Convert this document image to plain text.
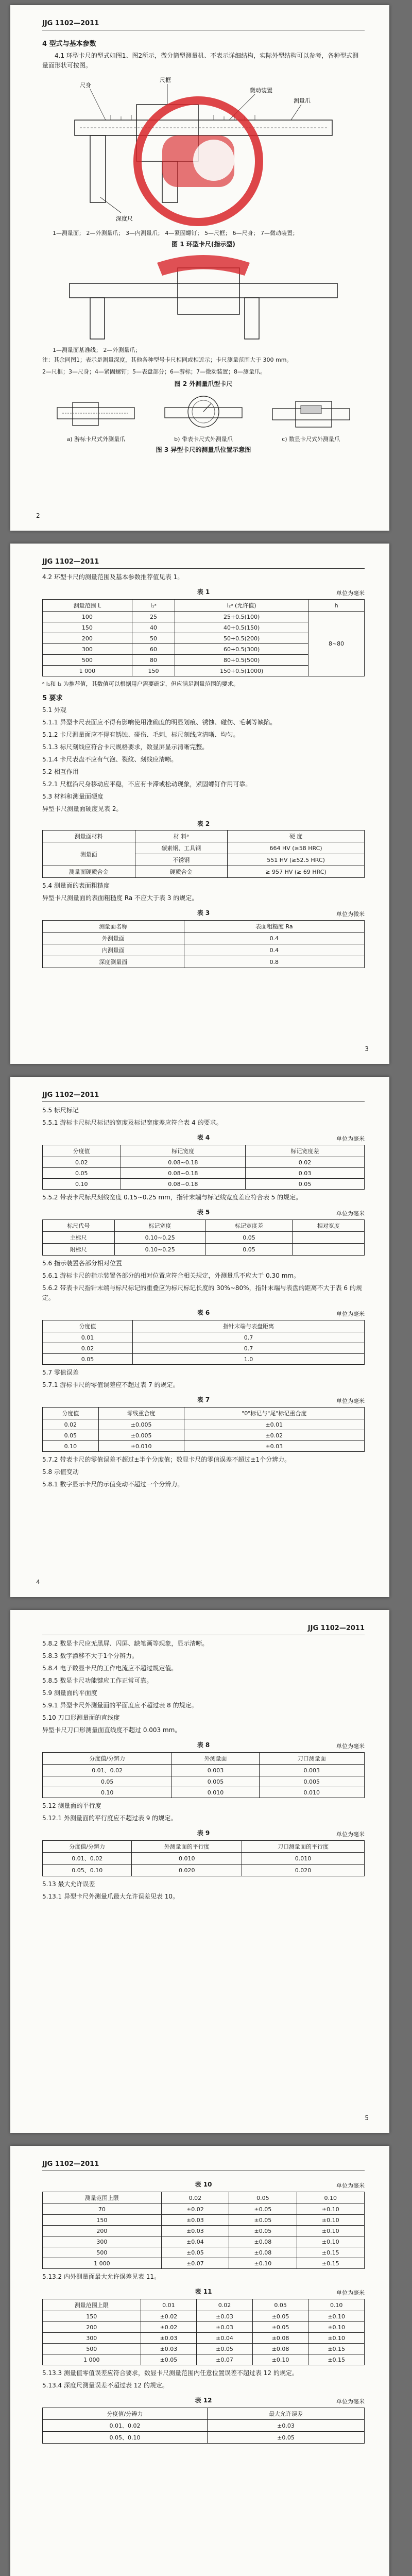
JJG 1102—2011
4 型式与基本参数

4.1 环型卡尺的型式如图1、图2所示，微分筒型测量机、不表示详细结构，实际外型结构可以参考，各种型式测量面形状可按图。

尺身
尺框
微动装置
测量爪
深度尺
1—测量面； 2—外测量爪； 3—内测量爪； 4—紧固螺钉； 5—尺框； 6—尺身； 7—微动装置；
图 1 环型卡尺(指示型)
1—测量面基准线； 2—外测量爪；

注：其余同图1；表示是测量深度，其他各种型号卡尺相同或相近示；卡尺测量范围大于 300 mm。

2—尺框；3—尺身；4—紧固螺钉；5—表盘部分；6—游标；7—微动装置；8—测量爪。

图 2 外测量爪型卡尺
a) 游标卡尺式外测量爪	b) 带表卡尺式外测量爪	c) 数显卡尺式外测量爪
图 3 异型卡尺的测量爪位置示意图
2
JJG 1102—2011

4.2 环型卡尺的测量范围及基本参数推荐值见表 1。

表 1	单位为毫米
测量范围 L	l₁ᵃ	l₂ᵃ (允许值)	h
100	25	25+0.5(100)	8~80
150	40	40+0.5(150)	
200	50	50+0.5(200)	
300	60	60+0.5(300)	
500	80	80+0.5(500)	
1 000	150	150+0.5(1000)	

ᵃ l₁和 l₂ 为推荐值，其数值可以根据用户需要确定，但应满足测量范围的要求。

5 要求

5.1 外观

5.1.1 异型卡尺表面应不得有影响使用准确度的明显划痕、锈蚀、碰伤、毛刺等缺陷。

5.1.2 卡尺测量面应不得有锈蚀、碰伤、毛刺，标尺刻线应清晰、均匀。

5.1.3 标尺刻线应符合卡尺规格要求，数显屏显示清晰完整。

5.1.4 卡尺表盘不应有气泡、裂纹、刻线应清晰。

5.2 相互作用

5.2.1 尺框沿尺身移动应平稳，不应有卡滞或松动现象，紧固螺钉作用可靠。

5.3 材料和测量面硬度

异型卡尺测量面硬度见表 2。

表 2
测量面材料	材 料ᵃ	硬 度
测量面	碳素钢、工具钢	664 HV (≥58 HRC)
	不锈钢	551 HV (≥52.5 HRC)
测量面硬质合金	硬质合金	≥ 957 HV (≥ 69 HRC)

5.4 测量面的表面粗糙度

异型卡尺测量面的表面粗糙度 Ra 不应大于表 3 的规定。

表 3	单位为微米
测量面名称	表面粗糙度 Ra
外测量面	0.4
内测量面	0.4
深度测量面	0.8
3
JJG 1102—2011

5.5 标尺标记

5.5.1 游标卡尺标尺标记的宽度及标记宽度差应符合表 4 的要求。

表 4	单位为毫米
分度值	标记宽度	标记宽度差
0.02	0.08~0.18	0.02
0.05	0.08~0.18	0.03
0.10	0.08~0.18	0.05

5.5.2 带表卡尺标尺刻线宽度 0.15~0.25 mm，指针末端与标记线宽度差应符合表 5 的规定。

表 5	单位为毫米
标尺代号	标记宽度	标记宽度差	相对宽度
主标尺	0.10~0.25	0.05	
附标尺	0.10~0.25	0.05	

5.6 指示装置各部分相对位置

5.6.1 游标卡尺的指示装置各部分的相对位置应符合相关规定，外测量爪不应大于 0.30 mm。

5.6.2 带表卡尺指针末端与标尺标记的重叠应为标尺标记长度的 30%~80%，指针末端与表盘的距离不大于表 6 的规定。

表 6	单位为毫米
分度值	指针末端与表盘距离
0.01	0.7
0.02	0.7
0.05	1.0

5.7 零值误差

5.7.1 游标卡尺的零值误差应不超过表 7 的规定。

表 7	单位为毫米
分度值	零线重合度	"0"标记与"尾"标记重合度
0.02	±0.005	±0.01
0.05	±0.005	±0.02
0.10	±0.010	±0.03

5.7.2 带表卡尺的零值误差不超过±半个分度值；数显卡尺的零值误差不超过±1个分辨力。

5.8 示值变动

5.8.1 数字显示卡尺的示值变动不超过一个分辨力。

4
JJG 1102—2011

5.8.2 数显卡尺应无黑屏、闪屏、缺笔画等现象，显示清晰。

5.8.3 数字漂移不大于1个分辨力。

5.8.4 电子数显卡尺的工作电流应不超过规定值。

5.8.5 数显卡尺功能键应工作正常可靠。

5.9 测量面的平面度

5.9.1 异型卡尺外测量面的平面度应不超过表 8 的规定。

5.10 刀口形测量面的直线度

异型卡尺刀口形测量面直线度不超过 0.003 mm。

表 8	单位为毫米
分度值/分辨力	外测量面	刀口测量面
0.01、0.02	0.003	0.003
0.05	0.005	0.005
0.10	0.010	0.010

5.12 测量面的平行度

5.12.1 外测量面的平行度应不超过表 9 的规定。

表 9	单位为毫米
分度值/分辨力	外测量面的平行度	刀口测量面的平行度
0.01、0.02	0.010	0.010
0.05、0.10	0.020	0.020

5.13 最大允许误差

5.13.1 异型卡尺外测量爪最大允许误差见表 10。

5
JJG 1102—2011
表 10	单位为毫米
测量范围上限	0.02	0.05	0.10
70	±0.02	±0.05	±0.10
150	±0.03	±0.05	±0.10
200	±0.03	±0.05	±0.10
300	±0.04	±0.08	±0.10
500	±0.05	±0.08	±0.15
1 000	±0.07	±0.10	±0.15

5.13.2 内外测量面最大允许误差见表 11。

表 11	单位为毫米
测量范围上限	0.01	0.02	0.05	0.10
150	±0.02	±0.03	±0.05	±0.10
200	±0.02	±0.03	±0.05	±0.10
300	±0.03	±0.04	±0.08	±0.10
500	±0.03	±0.05	±0.08	±0.15
1 000	±0.05	±0.07	±0.10	±0.15

5.13.3 测量值零值误差应符合要求，数显卡尺测量范围内任意位置误差不超过表 12 的规定。

5.13.4 深度尺测量误差不超过表 12 的规定。

表 12	单位为毫米
分度值/分辨力	最大允许误差
0.01、0.02	±0.03
0.05、0.10	±0.05
